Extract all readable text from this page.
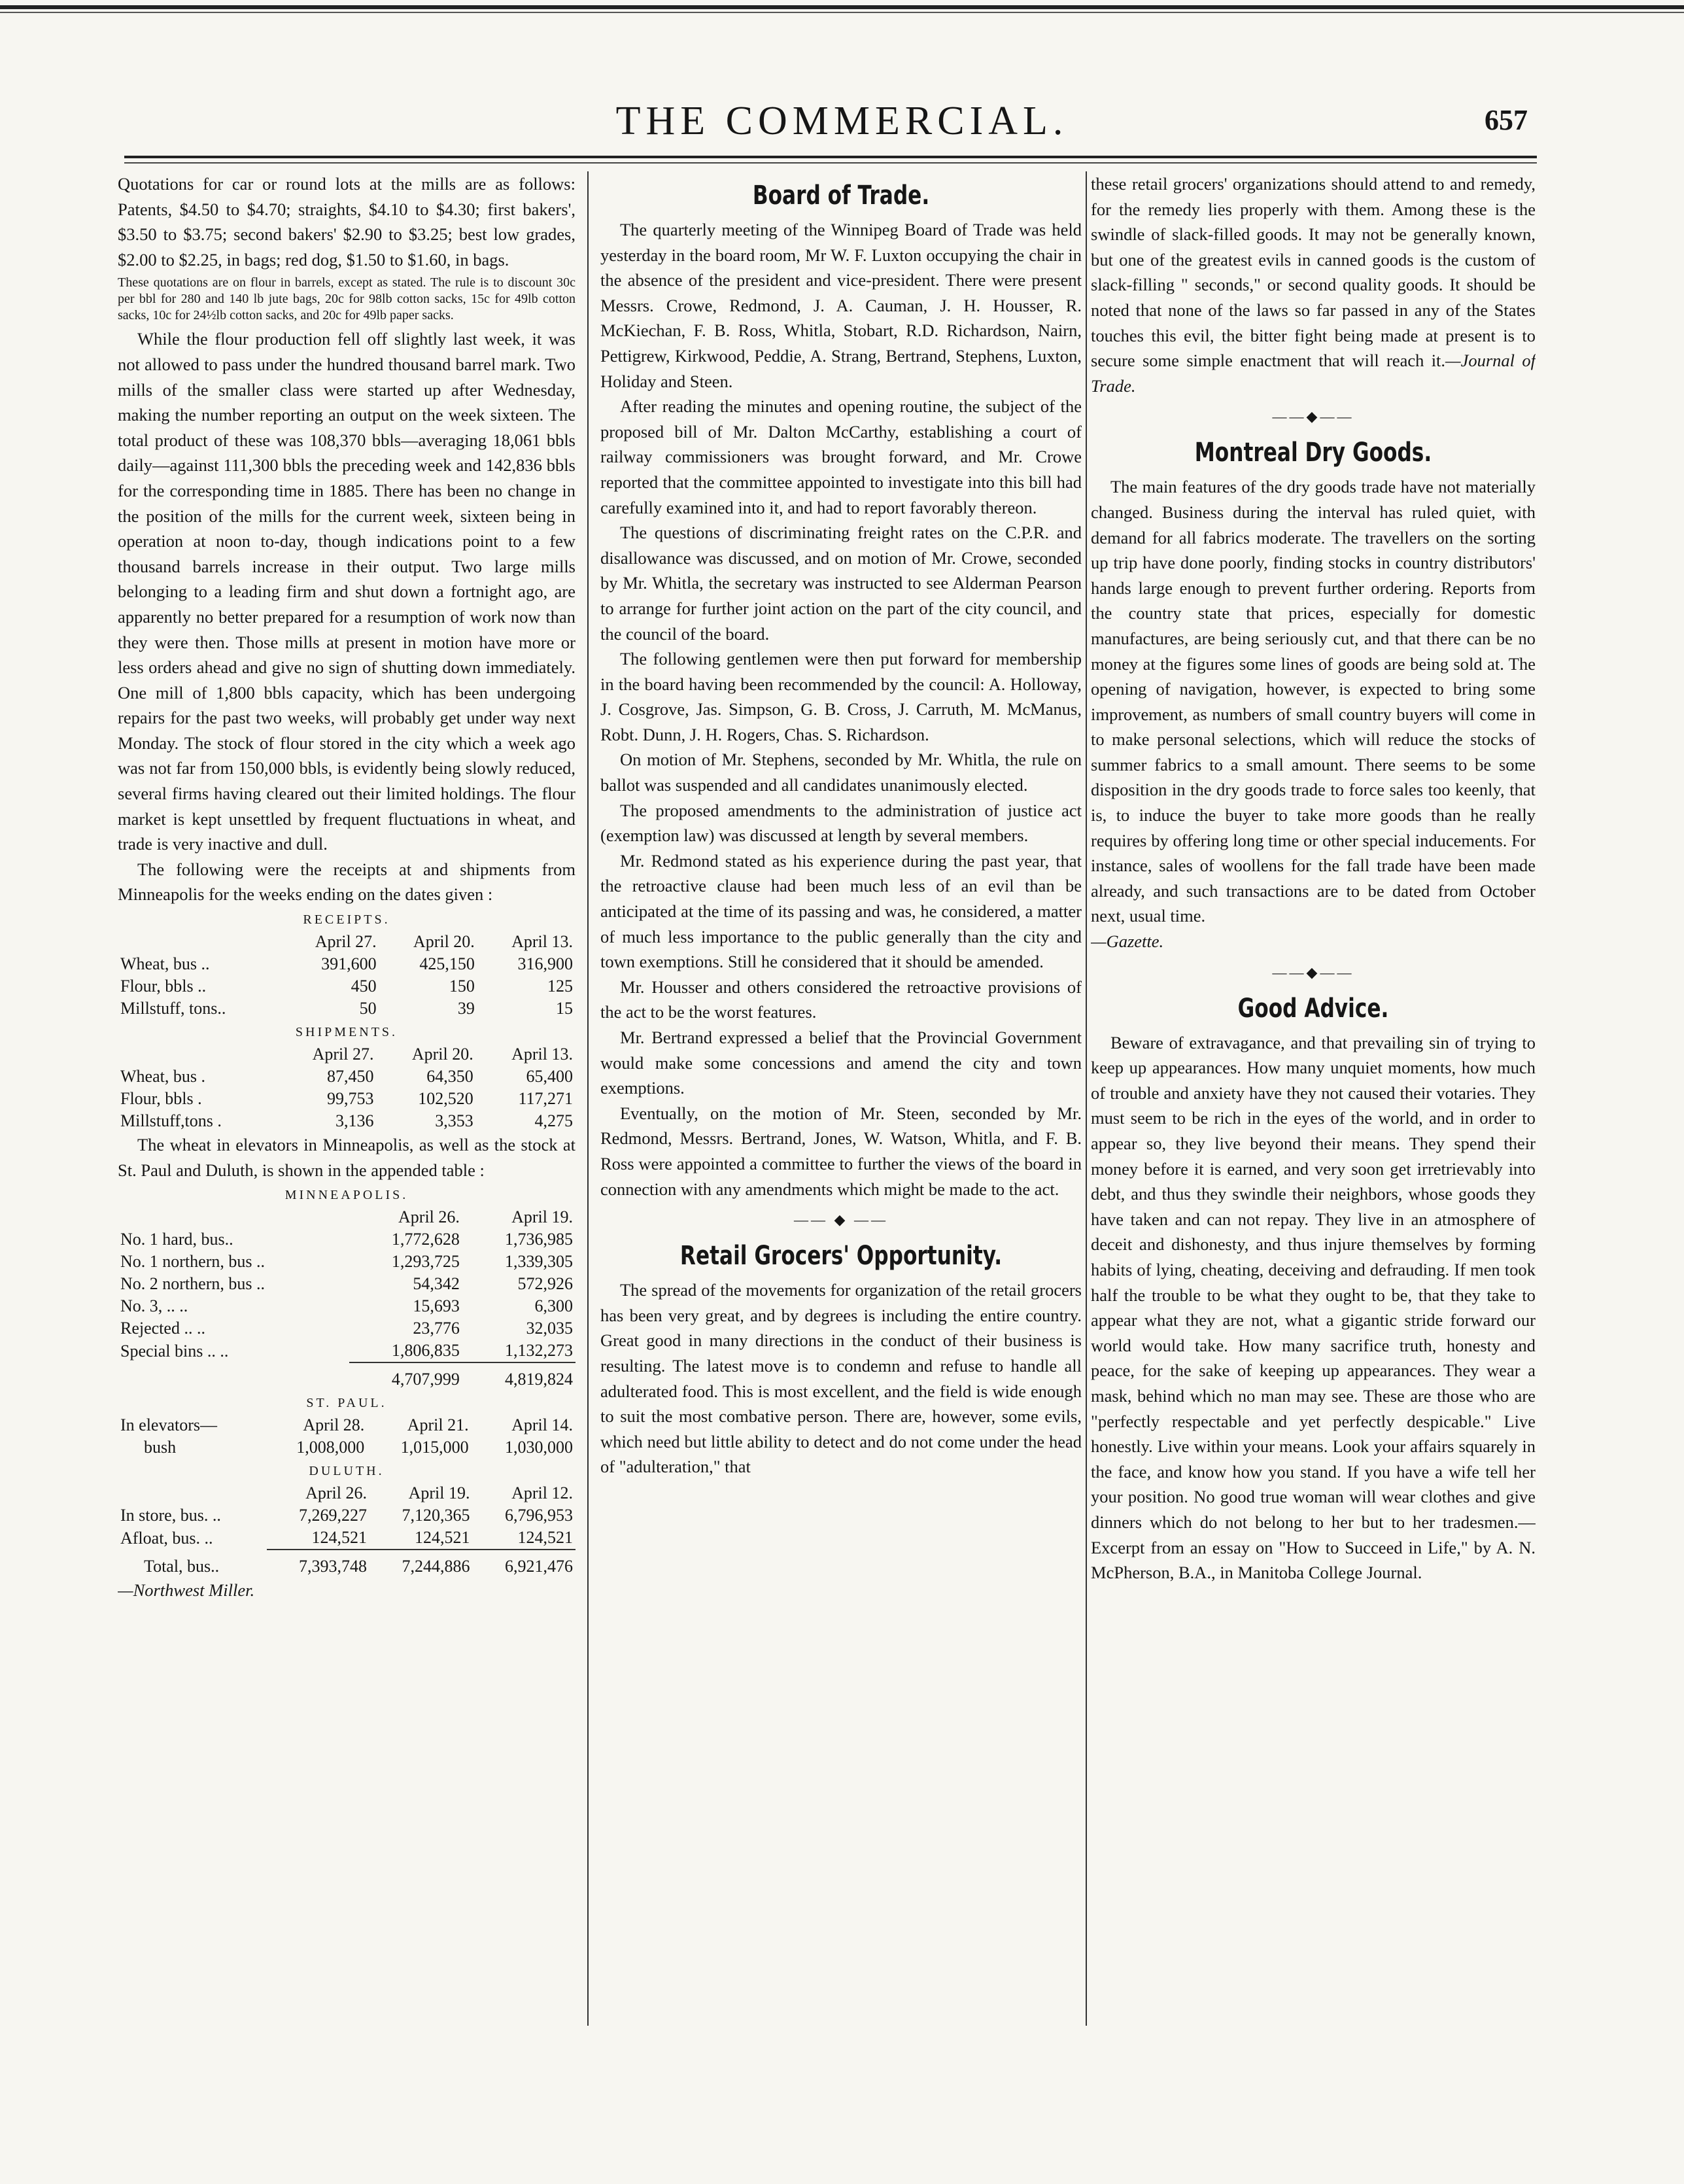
THE COMMERCIAL.	657

Quotations for car or round lots at the mills are as follows: Patents, $4.50 to $4.70; straights, $4.10 to $4.30; first bakers', $3.50 to $3.75; second bakers' $2.90 to $3.25; best low grades, $2.00 to $2.25, in bags; red dog, $1.50 to $1.60, in bags.

These quotations are on flour in barrels, except as stated. The rule is to discount 30c per bbl for 280 and 140 lb jute bags, 20c for 98lb cotton sacks, 15c for 49lb cotton sacks, 10c for 24½lb cotton sacks, and 20c for 49lb paper sacks.

While the flour production fell off slightly last week, it was not allowed to pass under the hundred thousand barrel mark. Two mills of the smaller class were started up after Wednesday, making the number reporting an output on the week sixteen. The total product of these was 108,370 bbls—averaging 18,061 bbls daily—against 111,300 bbls the preceding week and 142,836 bbls for the corresponding time in 1885. There has been no change in the position of the mills for the current week, sixteen being in operation at noon to-day, though indications point to a few thousand barrels increase in their output. Two large mills belonging to a leading firm and shut down a fortnight ago, are apparently no better prepared for a resumption of work now than they were then. Those mills at present in motion have more or less orders ahead and give no sign of shutting down immediately. One mill of 1,800 bbls capacity, which has been undergoing repairs for the past two weeks, will probably get under way next Monday. The stock of flour stored in the city which a week ago was not far from 150,000 bbls, is evidently being slowly reduced, several firms having cleared out their limited holdings. The flour market is kept unsettled by frequent fluctuations in wheat, and trade is very inactive and dull.

The following were the receipts at and shipments from Minneapolis for the weeks ending on the dates given :

RECEIPTS.

	April 27.	April 20.	April 13.
Wheat, bus ..	391,600	425,150	316,900
Flour, bbls ..	450	150	125
Millstuff, tons..	50	39	15

SHIPMENTS.

	April 27.	April 20.	April 13.
Wheat, bus .	87,450	64,350	65,400
Flour, bbls .	99,753	102,520	117,271
Millstuff,tons .	3,136	3,353	4,275

The wheat in elevators in Minneapolis, as well as the stock at St. Paul and Duluth, is shown in the appended table :

MINNEAPOLIS.

	April 26.	April 19.
No. 1 hard, bus..	1,772,628	1,736,985
No. 1 northern, bus ..	1,293,725	1,339,305
No. 2 northern, bus ..	54,342	572,926
No. 3, .. ..	15,693	6,300
Rejected .. ..	23,776	32,035
Special bins .. ..	1,806,835	1,132,273
	4,707,999	4,819,824

ST. PAUL.

In elevators—	April 28.	April 21.	April 14.
bush	1,008,000	1,015,000	1,030,000

DULUTH.

	April 26.	April 19.	April 12.
In store, bus. ..	7,269,227	7,120,365	6,796,953
Afloat, bus. ..	124,521	124,521	124,521
Total, bus..	7,393,748	7,244,886	6,921,476

—Northwest Miller.

Board of Trade.

The quarterly meeting of the Winnipeg Board of Trade was held yesterday in the board room, Mr W. F. Luxton occupying the chair in the absence of the president and vice-president. There were present Messrs. Crowe, Redmond, J. A. Cauman, J. H. Housser, R. McKiechan, F. B. Ross, Whitla, Stobart, R.D. Richardson, Nairn, Pettigrew, Kirkwood, Peddie, A. Strang, Bertrand, Stephens, Luxton, Holiday and Steen.

After reading the minutes and opening routine, the subject of the proposed bill of Mr. Dalton McCarthy, establishing a court of railway commissioners was brought forward, and Mr. Crowe reported that the committee appointed to investigate into this bill had carefully examined into it, and had to report favorably thereon.

The questions of discriminating freight rates on the C.P.R. and disallowance was discussed, and on motion of Mr. Crowe, seconded by Mr. Whitla, the secretary was instructed to see Alderman Pearson to arrange for further joint action on the part of the city council, and the council of the board.

The following gentlemen were then put forward for membership in the board having been recommended by the council: A. Holloway, J. Cosgrove, Jas. Simpson, G. B. Cross, J. Carruth, M. McManus, Robt. Dunn, J. H. Rogers, Chas. S. Richardson.

On motion of Mr. Stephens, seconded by Mr. Whitla, the rule on ballot was suspended and all candidates unanimously elected.

The proposed amendments to the administration of justice act (exemption law) was discussed at length by several members.

Mr. Redmond stated as his experience during the past year, that the retroactive clause had been much less of an evil than be anticipated at the time of its passing and was, he considered, a matter of much less importance to the public generally than the city and town exemptions. Still he considered that it should be amended.

Mr. Housser and others considered the retroactive provisions of the act to be the worst features.

Mr. Bertrand expressed a belief that the Provincial Government would make some concessions and amend the city and town exemptions.

Eventually, on the motion of Mr. Steen, seconded by Mr. Redmond, Messrs. Bertrand, Jones, W. Watson, Whitla, and F. B. Ross were appointed a committee to further the views of the board in connection with any amendments which might be made to the act.

—— ◆ ——
Retail Grocers' Opportunity.

The spread of the movements for organization of the retail grocers has been very great, and by degrees is including the entire country. Great good in many directions in the conduct of their business is resulting. The latest move is to condemn and refuse to handle all adulterated food. This is most excellent, and the field is wide enough to suit the most combative person. There are, however, some evils, which need but little ability to detect and do not come under the head of "adulteration," that

these retail grocers' organizations should attend to and remedy, for the remedy lies properly with them. Among these is the swindle of slack-filled goods. It may not be generally known, but one of the greatest evils in canned goods is the custom of slack-filling " seconds," or second quality goods. It should be noted that none of the laws so far passed in any of the States touches this evil, the bitter fight being made at present is to secure some simple enactment that will reach it.—Journal of Trade.

——◆——
Montreal Dry Goods.

The main features of the dry goods trade have not materially changed. Business during the interval has ruled quiet, with demand for all fabrics moderate. The travellers on the sorting up trip have done poorly, finding stocks in country distributors' hands large enough to prevent further ordering. Reports from the country state that prices, especially for domestic manufactures, are being seriously cut, and that there can be no money at the figures some lines of goods are being sold at. The opening of navigation, however, is expected to bring some improvement, as numbers of small country buyers will come in to make personal selections, which will reduce the stocks of summer fabrics to a small amount. There seems to be some disposition in the dry goods trade to force sales too keenly, that is, to induce the buyer to take more goods than he really requires by offering long time or other special inducements. For instance, sales of woollens for the fall trade have been made already, and such transactions are to be dated from October next, usual time.

—Gazette.

——◆——
Good Advice.

Beware of extravagance, and that prevailing sin of trying to keep up appearances. How many unquiet moments, how much of trouble and anxiety have they not caused their votaries. They must seem to be rich in the eyes of the world, and in order to appear so, they live beyond their means. They spend their money before it is earned, and very soon get irretrievably into debt, and thus they swindle their neighbors, whose goods they have taken and can not repay. They live in an atmosphere of deceit and dishonesty, and thus injure themselves by forming habits of lying, cheating, deceiving and defrauding. If men took half the trouble to be what they ought to be, that they take to appear what they are not, what a gigantic stride forward our world would take. How many sacrifice truth, honesty and peace, for the sake of keeping up appearances. They wear a mask, behind which no man may see. These are those who are "perfectly respectable and yet perfectly despicable." Live honestly. Live within your means. Look your affairs squarely in the face, and know how you stand. If you have a wife tell her your position. No good true woman will wear clothes and give dinners which do not belong to her but to her tradesmen.—Excerpt from an essay on "How to Succeed in Life," by A. N. McPherson, B.A., in Manitoba College Journal.
